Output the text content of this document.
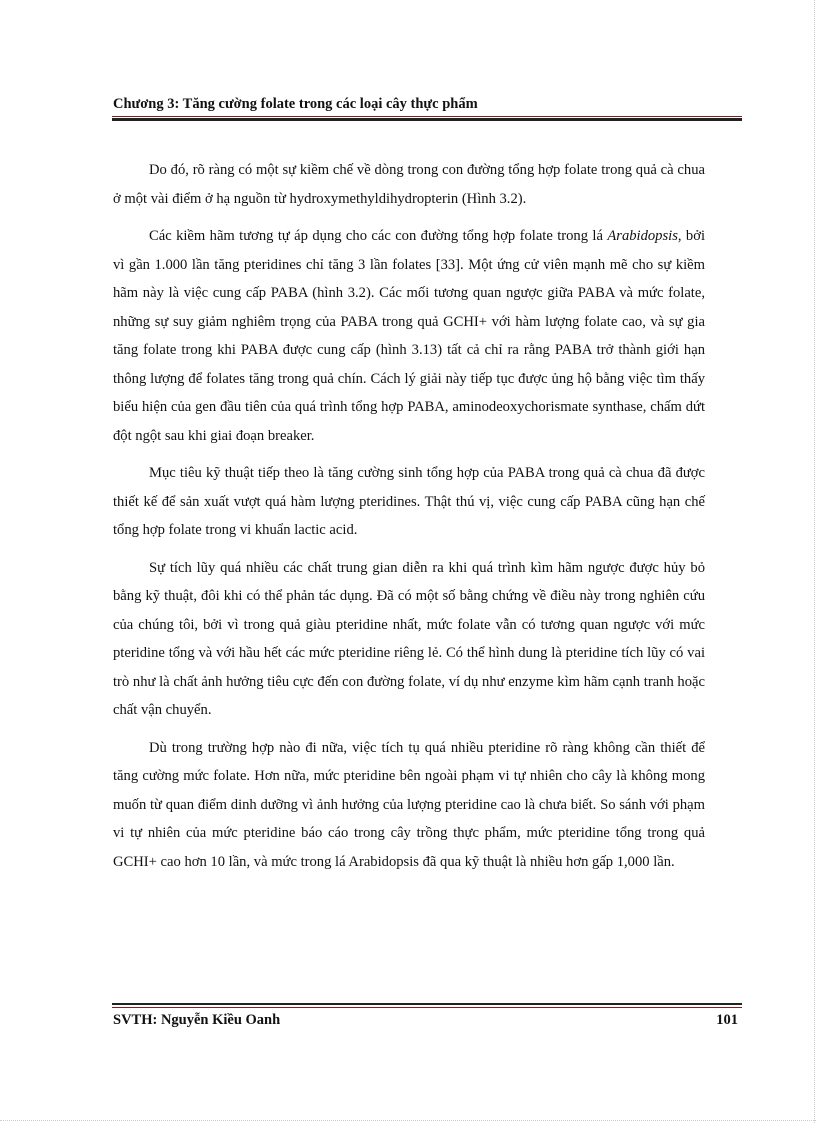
Chương 3: Tăng cường folate trong các loại cây thực phẩm

Do đó, rõ ràng có một sự kiềm chế về dòng trong con đường tổng hợp folate trong quả cà chua ở một vài điểm ở hạ nguồn từ hydroxymethyldihydropterin (Hình 3.2).

Các kiềm hãm tương tự áp dụng cho các con đường tổng hợp folate trong lá Arabidopsis, bởi vì gần 1.000 lần tăng pteridines chỉ tăng 3 lần folates [33]. Một ứng cử viên mạnh mẽ cho sự kiềm hãm này là việc cung cấp PABA (hình 3.2). Các mối tương quan ngược giữa PABA và mức folate, những sự suy giảm nghiêm trọng của PABA trong quả GCHI+ với hàm lượng folate cao, và sự gia tăng folate trong khi PABA được cung cấp (hình 3.13) tất cả chỉ ra rằng PABA trở thành giới hạn thông lượng để folates tăng trong quả chín. Cách lý giải này tiếp tục được ủng hộ bằng việc tìm thấy biểu hiện của gen đầu tiên của quá trình tổng hợp PABA, aminodeoxychorismate synthase, chấm dứt đột ngột sau khi giai đoạn breaker.

Mục tiêu kỹ thuật tiếp theo là tăng cường sinh tổng hợp của PABA trong quả cà chua đã được thiết kế để sản xuất vượt quá hàm lượng pteridines. Thật thú vị, việc cung cấp PABA cũng hạn chế tổng hợp folate trong vi khuẩn lactic acid.

Sự tích lũy quá nhiều các chất trung gian diễn ra khi quá trình kìm hãm ngược được hủy bỏ bằng kỹ thuật, đôi khi có thể phản tác dụng. Đã có một số bằng chứng về điều này trong nghiên cứu của chúng tôi, bởi vì trong quả giàu pteridine nhất, mức folate vẫn có tương quan ngược với mức pteridine tổng và với hầu hết các mức pteridine riêng lẻ. Có thể hình dung là pteridine tích lũy có vai trò như là chất ảnh hưởng tiêu cực đến con đường folate, ví dụ như enzyme kìm hãm cạnh tranh hoặc chất vận chuyển.

Dù trong trường hợp nào đi nữa, việc tích tụ quá nhiều pteridine rõ ràng không cần thiết để tăng cường mức folate. Hơn nữa, mức pteridine bên ngoài phạm vi tự nhiên cho cây là không mong muốn từ quan điểm dinh dưỡng vì ảnh hưởng của lượng pteridine cao là chưa biết. So sánh với phạm vi tự nhiên của mức pteridine báo cáo trong cây trồng thực phẩm, mức pteridine tổng trong quả GCHI+ cao hơn 10 lần, và mức trong lá Arabidopsis đã qua kỹ thuật là nhiều hơn gấp 1,000 lần.

SVTH: Nguyễn Kiều Oanh	101
